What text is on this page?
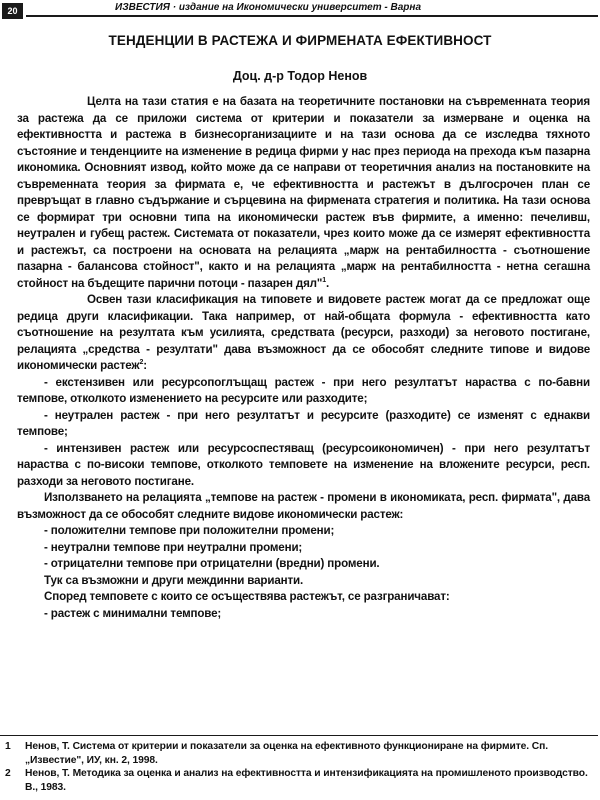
20	ИЗВЕСТИЯ · издание на Икономически университет - Варна
ТЕНДЕНЦИИ В РАСТЕЖА И ФИРМЕНАТА ЕФЕКТИВНОСТ
Доц. д-р Тодор Ненов

Целта на тази статия е на базата на теоретичните постановки на съвременната теория за растежа да се приложи система от критерии и показатели за измерване и оценка на ефективността и растежа в бизнесорганизациите и на тази основа да се изследва тяхното състояние и тенденциите на изменение в редица фирми у нас през периода на прехода към пазарна икономика. Основният извод, който може да се направи от теоретичния анализ на постановките на съвременната теория за фирмата е, че ефективността и растежът в дългосрочен план се превръщат в главно съдържание и сърцевина на фирмената стратегия и политика. На тази основа се формират три основни типа на икономически растеж във фирмите, а именно: печеливш, неутрален и губещ растеж. Системата от показатели, чрез които може да се измерят ефективността и растежът, са построени на основата на релацията „марж на рентабилността - съотношение пазарна - балансова стойност", както и на релацията „марж на рентабилността - нетна сегашна стойност на бъдещите парични потоци - пазарен дял"$^1$.

Освен тази класификация на типовете и видовете растеж могат да се предложат още редица други класификации. Така например, от най-общата формула - ефективността като съотношение на резултата към усилията, средствата (ресурси, разходи) за неговото постигане, релацията „средства - резултати" дава възможност да се обособят следните типове и видове икономически растеж$^2$:

- екстензивен или ресурсопоглъщащ растеж - при него резултатът нараства с по-бавни темпове, отколкото изменението на ресурсите или разходите;

- неутрален растеж - при него резултатът и ресурсите (разходите) се изменят с еднакви темпове;

- интензивен растеж или ресурсоспестяващ (ресурсоикономичен) - при него резултатът нараства с по-високи темпове, отколкото темповете на изменение на вложените ресурси, респ. разходи за неговото постигане.

Използването на релацията „темпове на растеж - промени в икономиката, респ. фирмата", дава възможност да се обособят следните видове икономически растеж:

- положителни темпове при положителни промени;

- неутрални темпове при неутрални промени;

- отрицателни темпове при отрицателни (вредни) промени.

Тук са възможни и други междинни варианти.

Според темповете с които се осъществява растежът, се разграничават:

- растеж с минимални темпове;

1	Ненов, Т. Система от критерии и показатели за оценка на ефективното функциониране на фирмите. Сп. „Известие", ИУ, кн. 2, 1998.
2	Ненов, Т. Методика за оценка и анализ на ефективността и интензификацията на промишленото производство. В., 1983.
